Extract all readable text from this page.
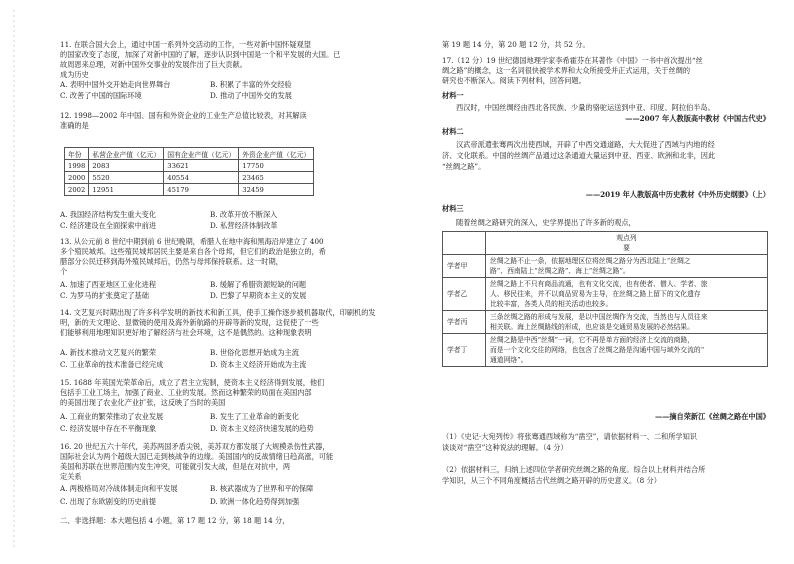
11. 在联合国大会上，通过中国一系列外交活动的工作，一些对新中国怀疑观望
的国家改变了态度，加深了对新中国的了解，逐步认识到中国是一个和平发展的大国。已
故周恩来总理，对新中国外交事业的发展作出了巨大贡献。
成为历史
A. 表明中国外交开始走向世界舞台	B. 积累了丰富的外交经验
C. 改善了中国的国际环境	D. 推动了中国外交的发展
12. 1998—2002 年中国、国有和外资企业的工业生产总值比较表，对其解读
准确的是
年份	私营企业产值（亿元）	国有企业产值（亿元）	外资企业产值（亿元）
1998	2083	33621	17750
2000	5520	40554	23465
2002	12951	45179	32459
A. 我国经济结构发生重大变化	B. 改革开放不断深入
C. 经济建设在全面探索中前进	D. 私营经济体制改革
13. 从公元前 8 世纪中期到前 6 世纪晚期，希腊人在地中海和黑海沿岸建立了 400
多个殖民城邦。这些殖民城邦居民主要是来自各个母邦，但它们的政治是独立的，希
腊部分公民迁移到海外殖民城邦后，仍然与母邦保持联系。这一时期，
个
A. 加速了西亚地区工业化进程	B. 缓解了希腊资源短缺的问题
C. 为罗马的扩张奠定了基础	D. 巴黎了早期资本主义的发展
14. 文艺复兴时期出现了许多科学发明的新技术和新工具，使手工操作逐步被机器取代，印刷机的发
明，新的天文理论、显微镜的使用及海外新航路的开辟等新的发现，这促使了一些
们能够利用地理知识更好地了解经济与社会环境，这不是偶然的。这种现象表明
A. 新技术推动文艺复兴的繁荣	B. 世俗化思想开始成为主流
C. 工业革命的技术准备已经完成	D. 资本主义经济开始成为主流
15. 1688 年英国光荣革命后，成立了君主立宪制，使资本主义经济得到发展，他们
包括手工业工场主，加强了商业、工业的发展。然而这种繁荣的局面在美国内部
的美国出现了农业化产业扩张，这反映了当时的美国
A. 工商业的繁荣推动了农业发展	B. 发生了工业革命的新变化
C. 经济发展中存在不平衡现象	D. 资本主义经济快速发展的趋势
16. 20 世纪五六十年代，美苏两国矛盾尖锐，美苏双方都发展了大规模杀伤性武器，
国际社会认为两个超级大国已走到核战争的边缘。美国国内的反战情绪日趋高涨，可能
美国和苏联在世界范围内发生冲突，可能就引发大战，但是在对抗中，两
定关系
A. 两极格局对冷战体制走向和平发展	B. 核武器成为了世界和平的保障
C. 出现了东欧剧变的历史前提	D. 欧洲一体化趋势得到加强
二、非选择题：本大题包括 4 小题，第 17 题 12 分，第 18 题 14 分，
第 19 题 14 分，第 20 题 12 分，共 52 分。
17.（12 分）19 世纪德国地理学家李希霍芬在其著作《中国》一书中首次提出“丝
绸之路”的概念，这一名词很快被学术界和大众所接受并正式运用，关于丝绸的
研究也不断深入。阅读下列材料，回答问题。
材料一
西汉时，中国丝绸经由西北各民族、少量的骆驼运送到中亚、印度、阿拉伯半岛。
——2007 年人教版高中教材《中国古代史》
材料二
汉武帝派遣张骞两次出使西域，开辟了中西交通道路，大大促进了西域与内地的经
济、文化联系。中国的丝绸产品通过这条通道大量运到中亚、西亚、欧洲和北非，因此
“丝绸之路”。
——2019 年人教版高中历史教材《中外历史纲要》（上）
材料三
随着丝绸之路研究的深入，史学界提出了许多新的观点，

	观点列
要

学者甲	丝绸之路不止一条，依据地理区位将丝绸之路分为西北陆上“丝绸之
路”、西南陆上“丝绸之路”、海上“丝绸之路”。

学者乙	丝绸之路上不只有商品流通，也有文化交流，也有使者、僧人、学者、旅
人、移民往来，并不以商品贸易为主导，在丝绸之路上留下的文化遗存
比较丰富，各类人员的相关活动也较多。

学者丙	三条丝绸之路的形成与发展，是以中国丝绸作为交流，当然也与人员往来
相关联。海上丝绸路线的形成，也应该是交通贸易发展的必然结果。

学者丁	丝绸之路是中西“丝绸”一词，它不再是单方面的经济上交流的商路，
而是一个文化交往的网络，也包含了丝绸之路是沟通中国与域外交流的“
通道网络”。
——摘自荣新江《丝绸之路在中国》
（1）《史记·大宛列传》将张骞通西域称为“凿空”，请依据材料一、二和所学知识
谈谈对“凿空”这种说法的理解。（4 分）
（2）依据材料三，归纳上述四位学者研究丝绸之路的角度。综合以上材料并结合所
学知识，从三个不同角度概括古代丝绸之路开辟的历史意义。（8 分）
